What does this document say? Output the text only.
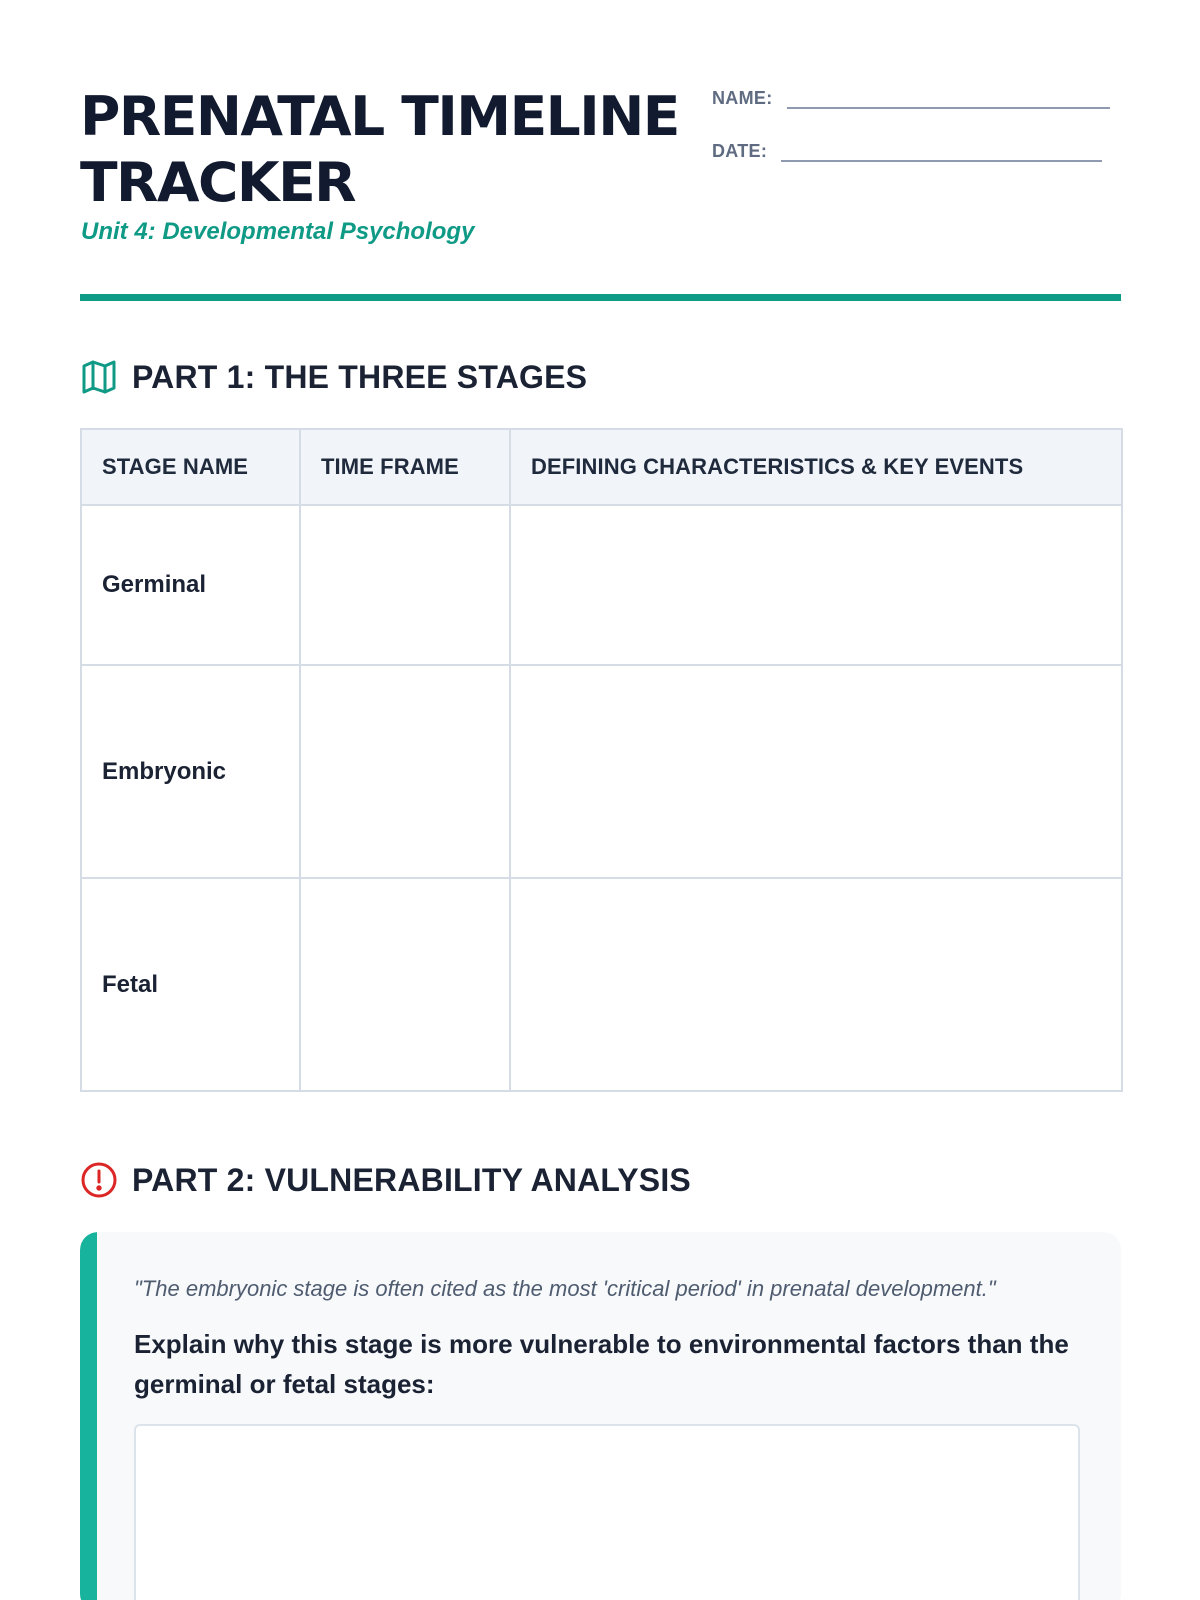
PRENATAL TIMELINE TRACKER
Unit 4: Developmental Psychology
NAME:
DATE:
PART 1: THE THREE STAGES
STAGE NAME	TIME FRAME	DEFINING CHARACTERISTICS & KEY EVENTS
Germinal		
Embryonic		
Fetal		
PART 2: VULNERABILITY ANALYSIS
"The embryonic stage is often cited as the most 'critical period' in prenatal development."
Explain why this stage is more vulnerable to environmental factors than the germinal or fetal stages:
